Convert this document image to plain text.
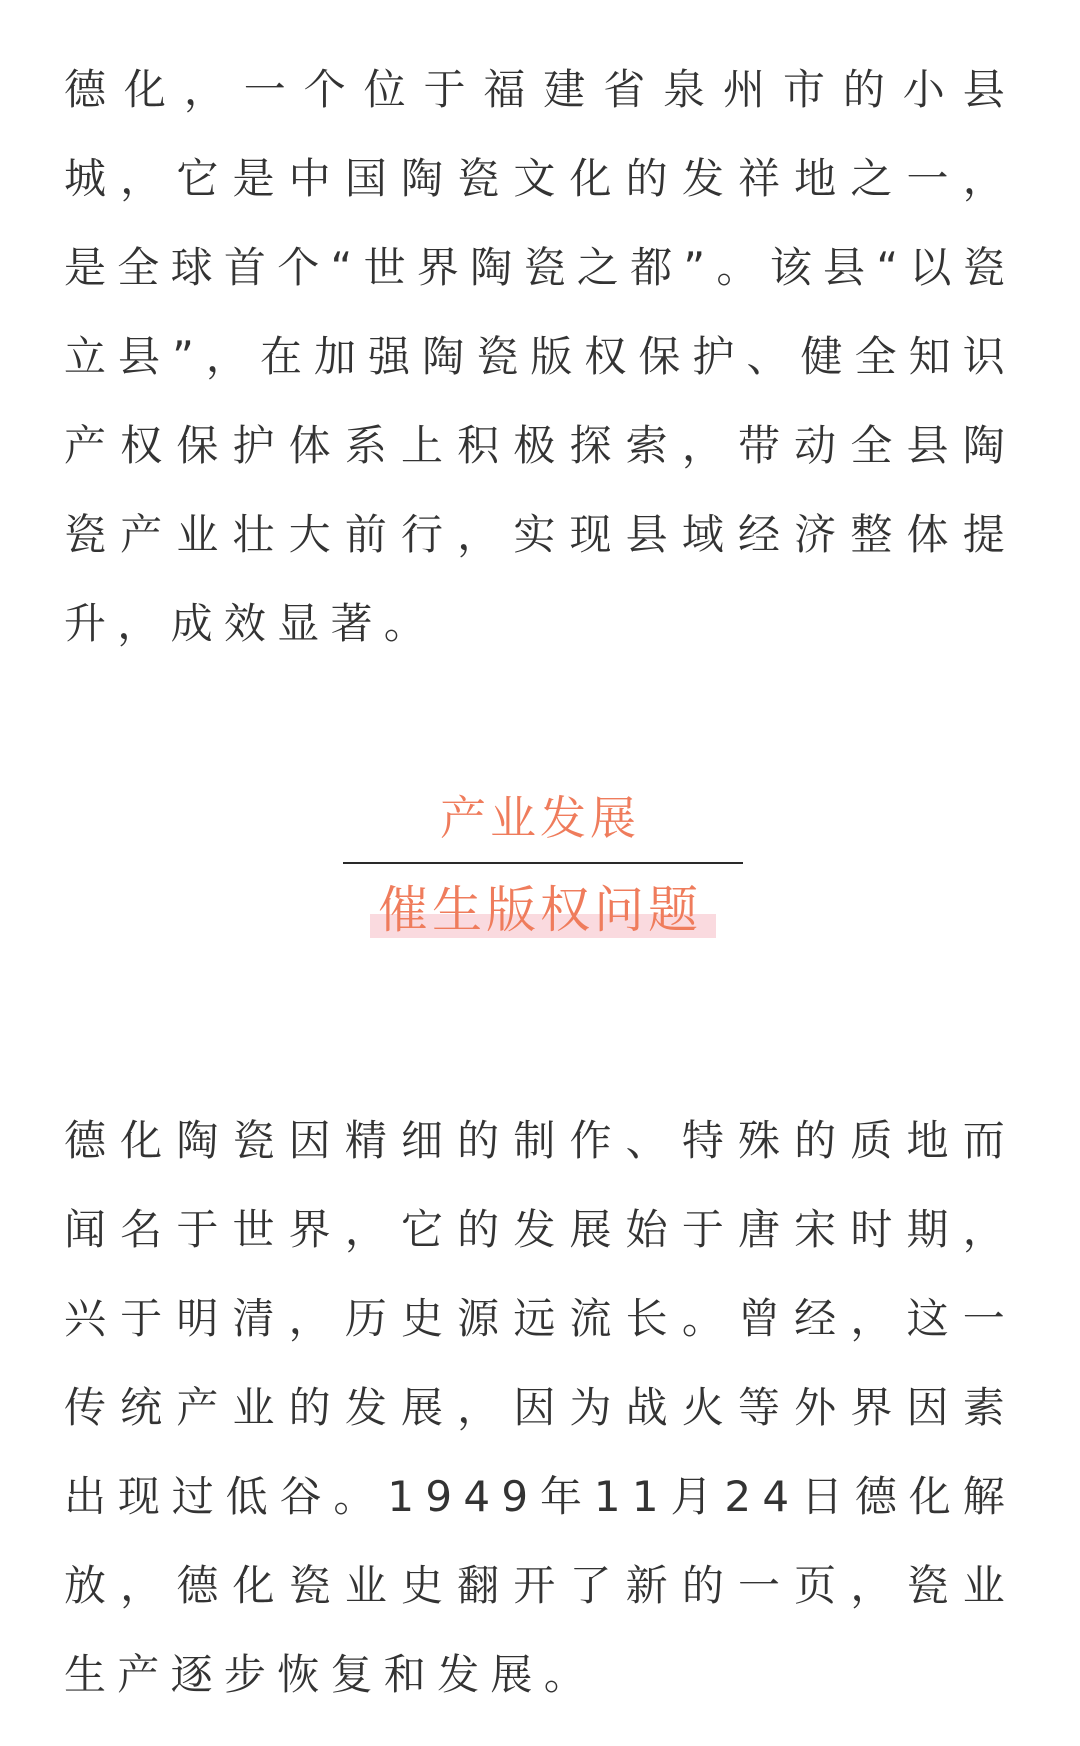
德化，一个位于福建省泉州市的小县城，它是中国陶瓷文化的发祥地之一，是全球首个“世界陶瓷之都”。该县“以瓷立县”，在加强陶瓷版权保护、健全知识产权保护体系上积极探索，带动全县陶瓷产业壮大前行，实现县域经济整体提升，成效显著。

产业发展
催生版权问题

德化陶瓷因精细的制作、特殊的质地而闻名于世界，它的发展始于唐宋时期，兴于明清，历史源远流长。曾经，这一传统产业的发展，因为战火等外界因素出现过低谷。1949年11月24日德化解放，德化瓷业史翻开了新的一页，瓷业生产逐步恢复和发展。
